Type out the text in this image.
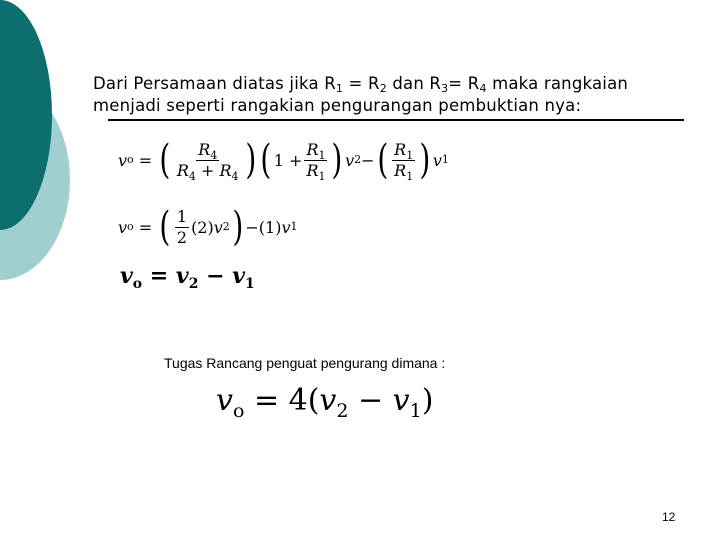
Dari Persamaan diatas jika $R_1 = R_2$ dan $R_3= R_4$ maka rangkaian
menjadi seperti rangakian pengurangan pembuktian nya:
v o
=
( $\frac{R_4}{R_4 + R_4}$ ) ( $1 + \frac{R_1}{R_1}$ ) v 2 − ( $\frac{R_1}{R_1}$ ) v 1
v o
=
( $\frac{1}{2} (2)$ v 2 ) − (1) v 1
$v_o = v_2 - v_1$
Tugas Rancang penguat pengurang dimana :
$v_o = 4(v_2 - v_1)$
12
